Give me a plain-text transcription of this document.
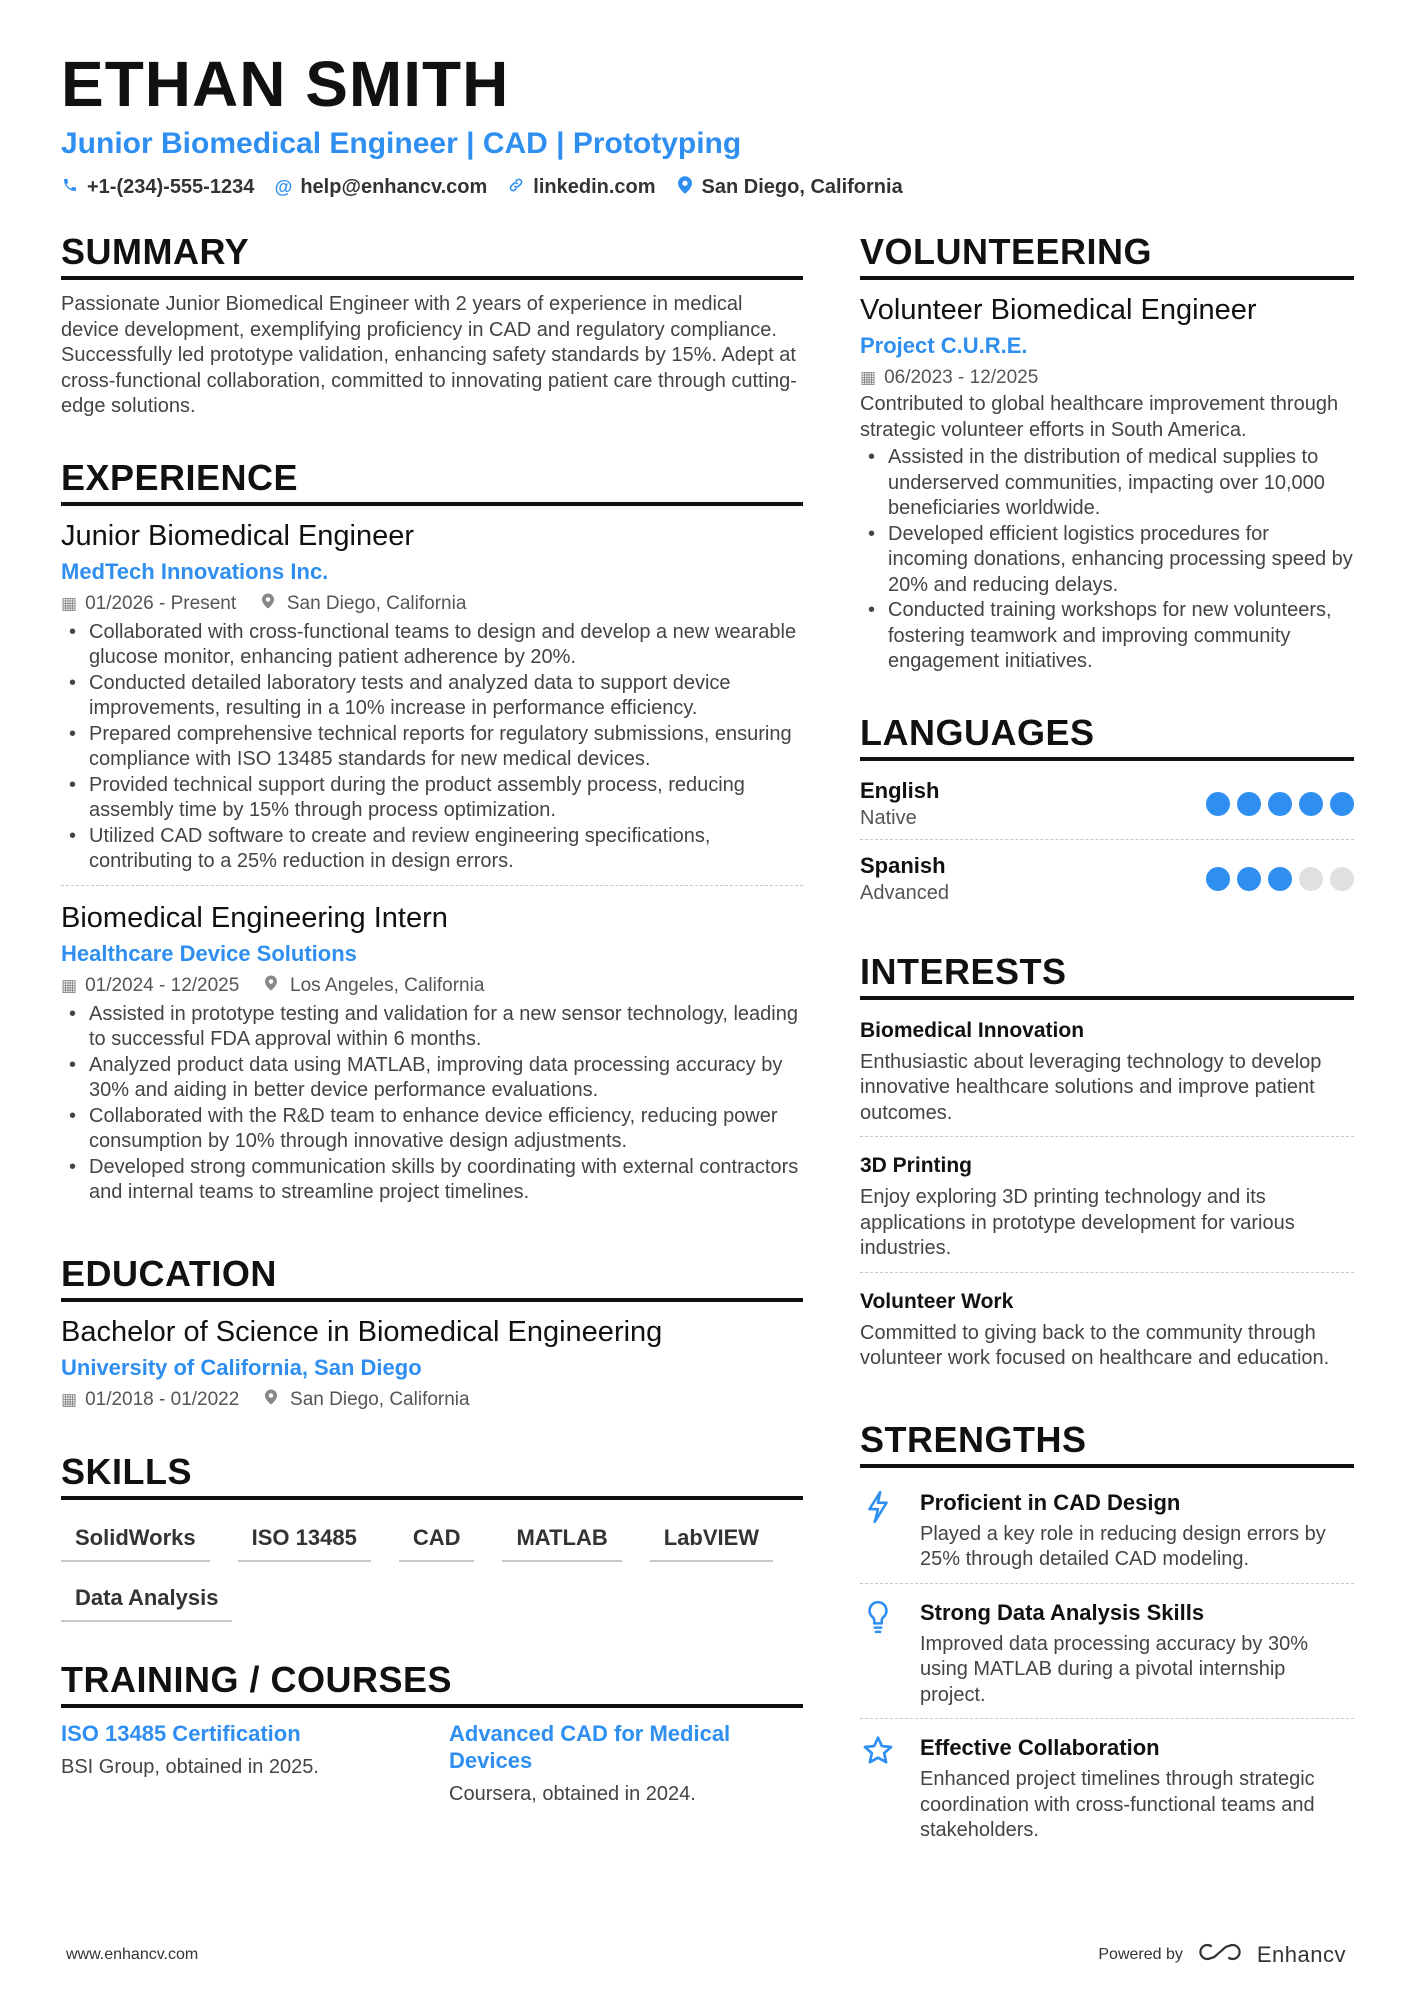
ETHAN SMITH
Junior Biomedical Engineer | CAD | Prototyping
+1-(234)-555-1234 @ help@enhancv.com linkedin.com San Diego, California
SUMMARY
Passionate Junior Biomedical Engineer with 2 years of experience in medical device development, exemplifying proficiency in CAD and regulatory compliance. Successfully led prototype validation, enhancing safety standards by 15%. Adept at cross-functional collaboration, committed to innovating patient care through cutting-edge solutions.
EXPERIENCE
Junior Biomedical Engineer
MedTech Innovations Inc.
▦ 01/2026 - Present	San Diego, California
• Collaborated with cross-functional teams to design and develop a new wearable glucose monitor, enhancing patient adherence by 20%.
• Conducted detailed laboratory tests and analyzed data to support device improvements, resulting in a 10% increase in performance efficiency.
• Prepared comprehensive technical reports for regulatory submissions, ensuring compliance with ISO 13485 standards for new medical devices.
• Provided technical support during the product assembly process, reducing assembly time by 15% through process optimization.
• Utilized CAD software to create and review engineering specifications, contributing to a 25% reduction in design errors.
Biomedical Engineering Intern
Healthcare Device Solutions
▦ 01/2024 - 12/2025	Los Angeles, California
• Assisted in prototype testing and validation for a new sensor technology, leading to successful FDA approval within 6 months.
• Analyzed product data using MATLAB, improving data processing accuracy by 30% and aiding in better device performance evaluations.
• Collaborated with the R&D team to enhance device efficiency, reducing power consumption by 10% through innovative design adjustments.
• Developed strong communication skills by coordinating with external contractors and internal teams to streamline project timelines.
EDUCATION
Bachelor of Science in Biomedical Engineering
University of California, San Diego
▦ 01/2018 - 01/2022	San Diego, California
SKILLS
SolidWorks	ISO 13485	CAD	MATLAB	LabVIEW
Data Analysis
TRAINING / COURSES
ISO 13485 Certification
BSI Group, obtained in 2025.
Advanced CAD for Medical Devices
Coursera, obtained in 2024.
VOLUNTEERING
Volunteer Biomedical Engineer
Project C.U.R.E.
▦ 06/2023 - 12/2025
Contributed to global healthcare improvement through strategic volunteer efforts in South America.
• Assisted in the distribution of medical supplies to underserved communities, impacting over 10,000 beneficiaries worldwide.
• Developed efficient logistics procedures for incoming donations, enhancing processing speed by 20% and reducing delays.
• Conducted training workshops for new volunteers, fostering teamwork and improving community engagement initiatives.
LANGUAGES
English
Native
Spanish
Advanced
INTERESTS
Biomedical Innovation
Enthusiastic about leveraging technology to develop innovative healthcare solutions and improve patient outcomes.
3D Printing
Enjoy exploring 3D printing technology and its applications in prototype development for various industries.
Volunteer Work
Committed to giving back to the community through volunteer work focused on healthcare and education.
STRENGTHS
Proficient in CAD Design
Played a key role in reducing design errors by 25% through detailed CAD modeling.
Strong Data Analysis Skills
Improved data processing accuracy by 30% using MATLAB during a pivotal internship project.
Effective Collaboration
Enhanced project timelines through strategic coordination with cross-functional teams and stakeholders.
www.enhancv.com	Powered by	Enhancv
